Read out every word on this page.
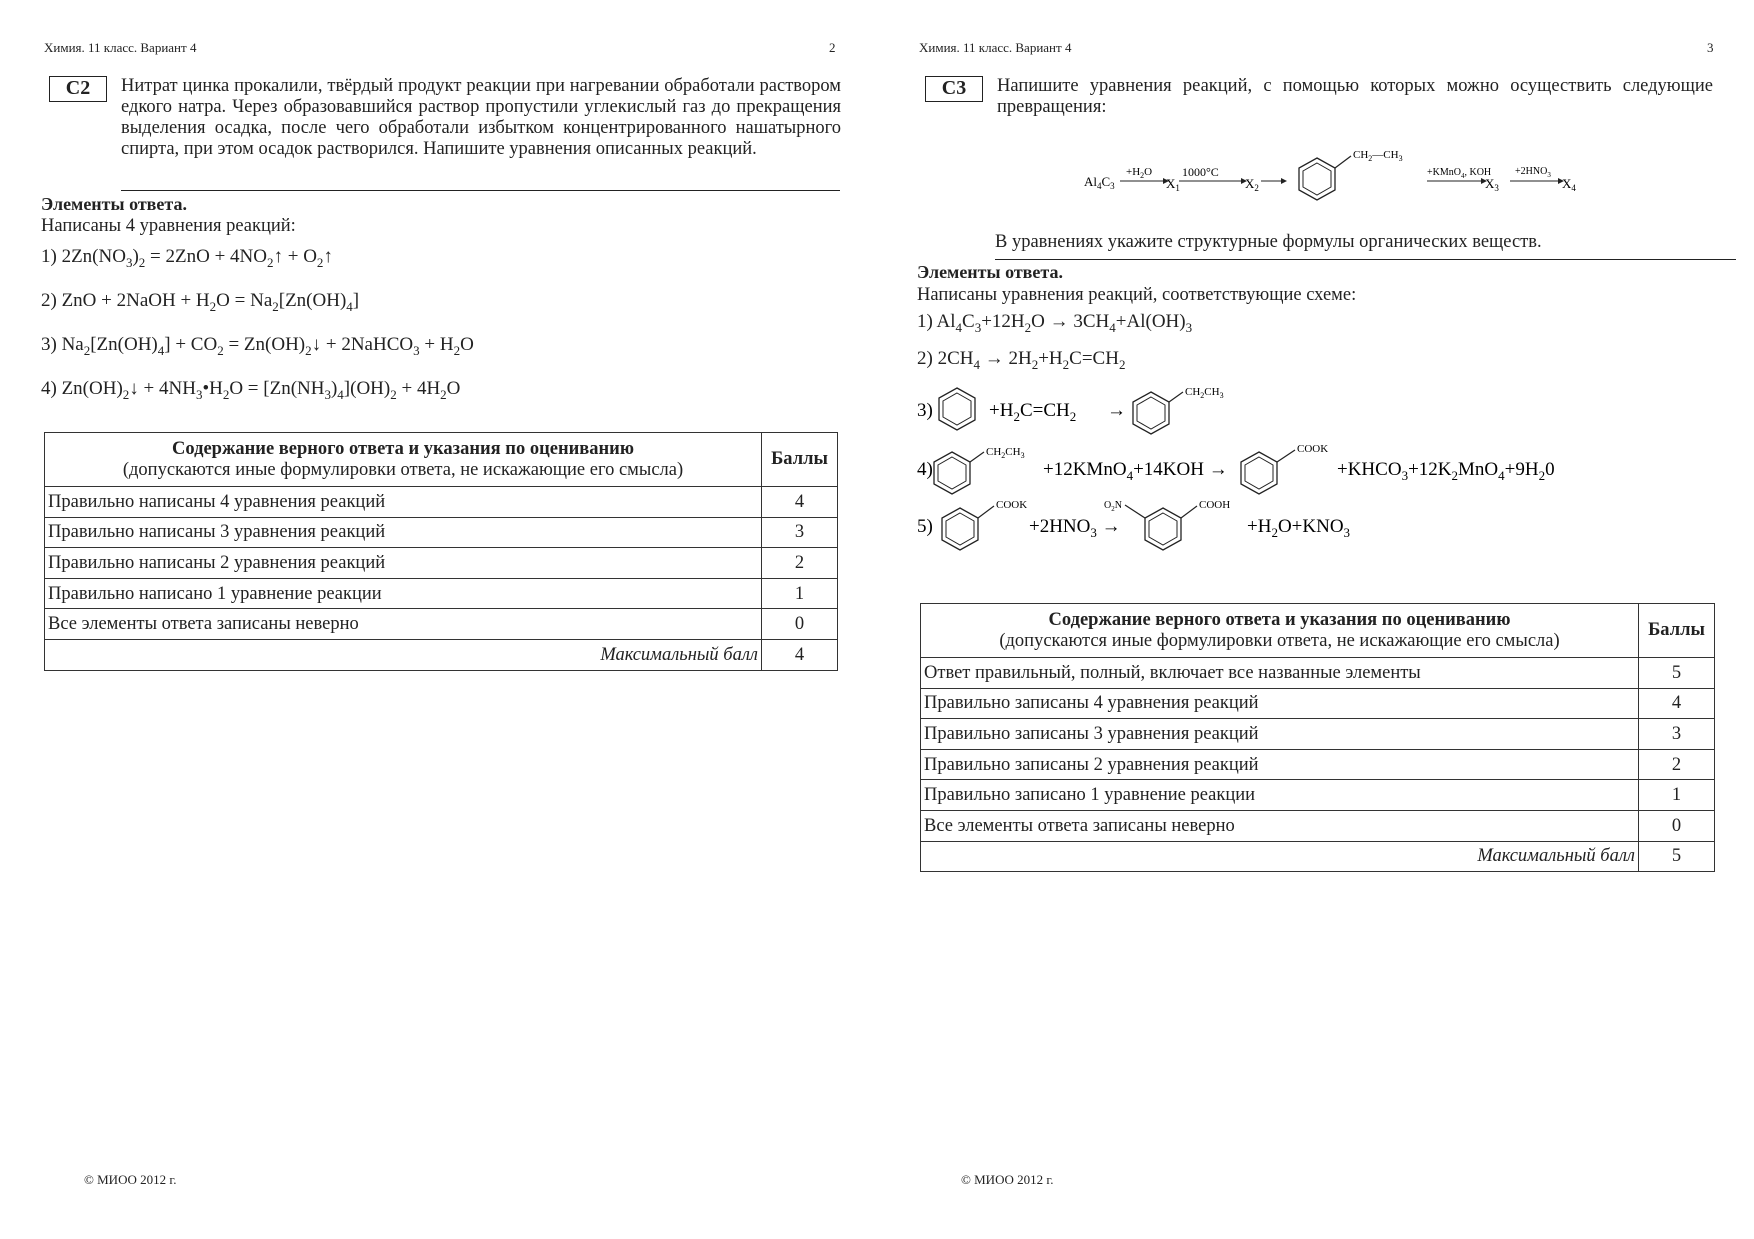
Химия. 11 класс. Вариант 4	2
C2	Нитрат цинка прокалили, твёрдый продукт реакции при нагревании обработали раствором едкого натра. Через образовавшийся раствор пропустили углекислый газ до прекращения выделения осадка, после чего обработали избытком концентрированного нашатырного спирта, при этом осадок растворился. Напишите уравнения описанных реакций.
Элементы ответа.
Написаны 4 уравнения реакций:
1) $2Zn(NO_3)_2 = 2ZnO$ + $4NO_2↑$ + $O_2↑$
2) ZnO + 2NaOH + $H_2O = Na_2[Zn(OH)_4]$
3) $Na_2[Zn(OH)_4] + CO_2$ = $Zn(OH)_2↓$ + 2NaHCO$_3$ + $H_2O$
4) $Zn(OH)_2↓$ + $4NH_3•H_2O = [Zn(NH_3)_4](OH)_2 + 4H_2O$
Содержание верного ответа и указания по оцениванию
(допускаются иные формулировки ответа, не искажающие его смысла)	Баллы
Правильно написаны 4 уравнения реакций	4
Правильно написаны 3 уравнения реакций	3
Правильно написаны 2 уравнения реакций	2
Правильно написано 1 уравнение реакции	1
Все элементы ответа записаны неверно	0
Максимальный балл	4
© МИОО 2012 г.
Химия. 11 класс. Вариант 4	3
C3	Напишите уравнения реакций, с помощью которых можно осуществить следующие превращения:
$Al_4C_3$
$+H_2O$
$X_1$
1000°C
$X_2$
$CH_2—CH_3$
+KMnO$_4$, KOH
$X_3$
$+2HNO_3$
$X_4$
В уравнениях укажите структурные формулы органических веществ.
Элементы ответа.
Написаны уравнения реакций, соответствующие схеме:
1) $Al_4C_3+12H_2O \to 3CH_4+Al(OH)_3$
2) $2CH_4 \to 2H_2+H_2C=CH_2$
3)	$+H_2C=CH_2$ →
$CH_2CH_3$
4)
$CH_2CH_3$
+12KMnO$_4$+14KOH →
COOK
$+KHCO_3+12K_2MnO_4+9H_20$
5)
COOK
$+2HNO_3$ →
$O_2N$	COOH
$+H_2O+KNO_3$
Содержание верного ответа и указания по оцениванию
(допускаются иные формулировки ответа, не искажающие его смысла)	Баллы
Ответ правильный, полный, включает все названные элементы	5
Правильно записаны 4 уравнения реакций	4
Правильно записаны 3 уравнения реакций	3
Правильно записаны 2 уравнения реакций	2
Правильно записано 1 уравнение реакции	1
Все элементы ответа записаны неверно	0
Максимальный балл	5
© МИОО 2012 г.
